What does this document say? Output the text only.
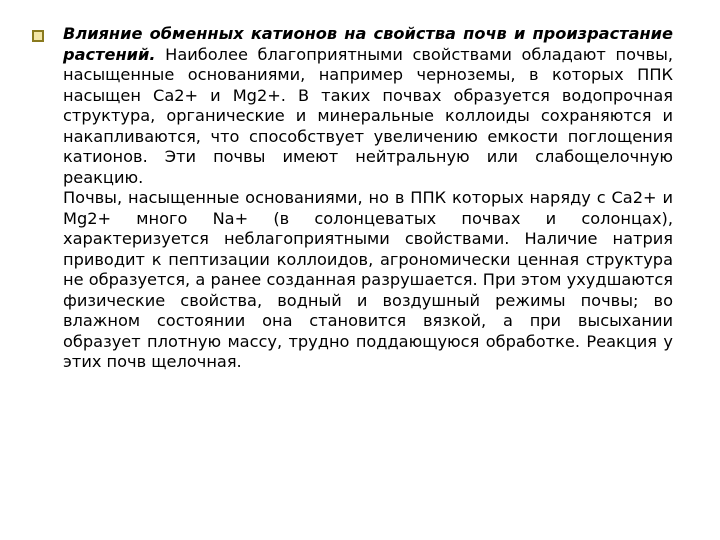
Влияние обменных катионов на свойства почв и произрастание растений. Наиболее благоприятными свойствами обладают почвы, насыщенные основаниями, например черноземы, в которых ППК насыщен Са2+ и Mg2+. В таких почвах образуется водопрочная структура, органические и минеральные коллоиды сохраняются и накапливаются, что способствует увеличению емкости поглощения катионов. Эти почвы имеют нейтральную или слабощелочную реакцию.
Почвы, насыщенные основаниями, но в ППК которых наряду с Са2+ и Mg2+ много Na+ (в солонцеватых почвах и солонцах), характеризуется неблагоприятными свойствами. Наличие натрия приводит к пептизации коллоидов, агрономически ценная структура не образуется, а ранее созданная разрушается. При этом ухудшаются физические свойства, водный и воздушный режимы почвы; во влажном состоянии она становится вязкой, а при высыхании образует плотную массу, трудно поддающуюся обработке. Реакция у этих почв щелочная.
